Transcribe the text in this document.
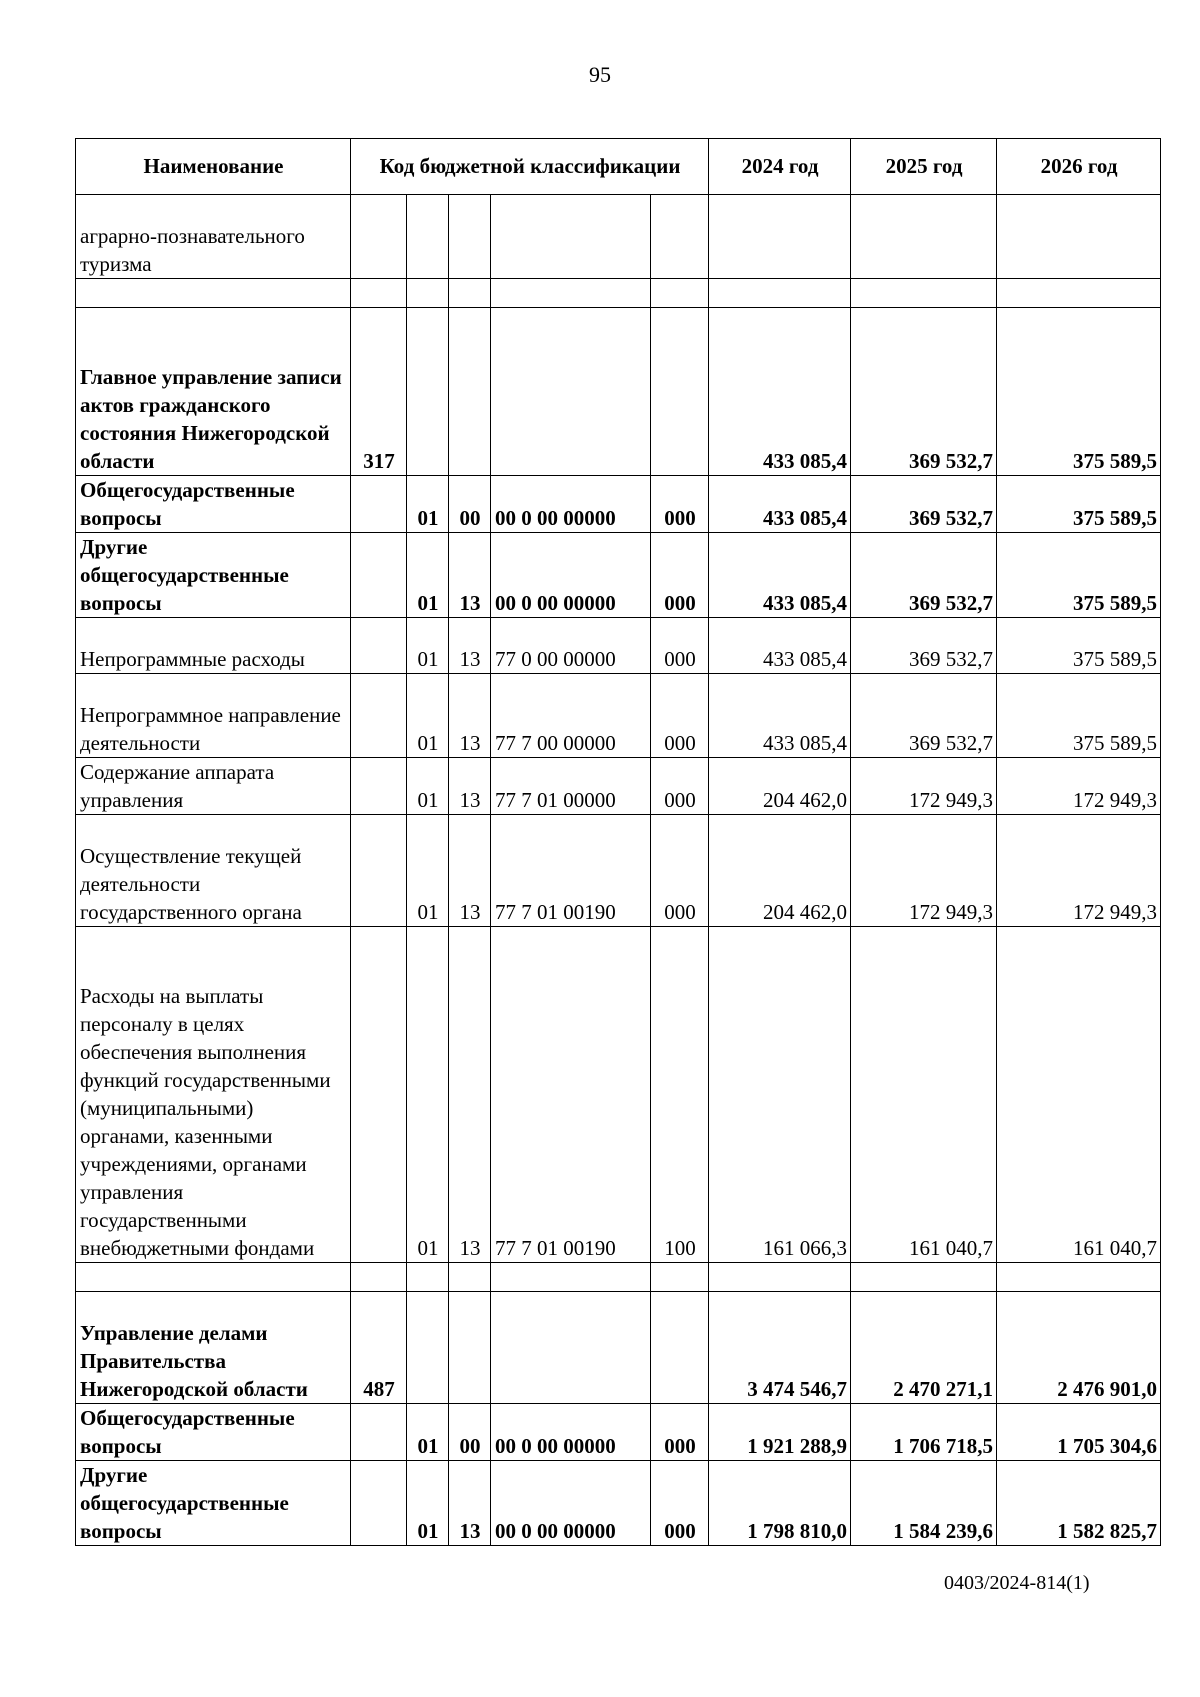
95
Наименование	Код бюджетной классификации					2024 год	2025 год	2026 год
аграрно-познавательного туризма								

Главное управление записи актов гражданского состояния Нижегородской области	317					433 085,4	369 532,7	375 589,5
Общегосударственные вопросы		01	00	00 0 00 00000	000	433 085,4	369 532,7	375 589,5
Другие общегосударственные вопросы		01	13	00 0 00 00000	000	433 085,4	369 532,7	375 589,5
Непрограммные расходы		01	13	77 0 00 00000	000	433 085,4	369 532,7	375 589,5
Непрограммное направление деятельности		01	13	77 7 00 00000	000	433 085,4	369 532,7	375 589,5
Содержание аппарата управления		01	13	77 7 01 00000	000	204 462,0	172 949,3	172 949,3
Осуществление текущей деятельности государственного органа		01	13	77 7 01 00190	000	204 462,0	172 949,3	172 949,3
Расходы на выплаты персоналу в целях обеспечения выполнения функций государственными (муниципальными) органами, казенными учреждениями, органами управления государственными внебюджетными фондами		01	13	77 7 01 00190	100	161 066,3	161 040,7	161 040,7

Управление делами Правительства Нижегородской области	487					3 474 546,7	2 470 271,1	2 476 901,0
Общегосударственные вопросы		01	00	00 0 00 00000	000	1 921 288,9	1 706 718,5	1 705 304,6
Другие общегосударственные вопросы		01	13	00 0 00 00000	000	1 798 810,0	1 584 239,6	1 582 825,7
0403/2024-814(1)
